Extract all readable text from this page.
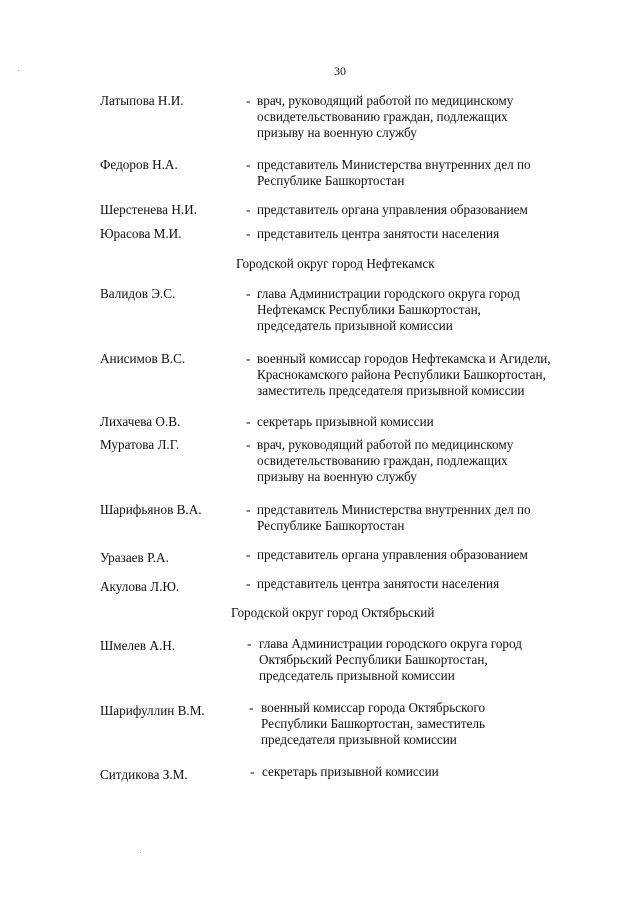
30
Латыпова Н.И.	- врач, руководящий работой по медицинскому
освидетельствованию граждан, подлежащих
призыву на военную службу
Федоров Н.А.	- представитель Министерства внутренних дел по
Республике Башкортостан
Шерстенева Н.И.	- представитель органа управления образованием
Юрасова М.И.	- представитель центра занятости населения
Городской округ город Нефтекамск
Валидов Э.С.	- глава Администрации городского округа город
Нефтекамск Республики Башкортостан,
председатель призывной комиссии
Анисимов В.С.	- военный комиссар городов Нефтекамска и Агидели,
Краснокамского района Республики Башкортостан,
заместитель председателя призывной комиссии
Лихачева О.В.	- секретарь призывной комиссии
Муратова Л.Г.	- врач, руководящий работой по медицинскому
освидетельствованию граждан, подлежащих
призыву на военную службу
Шарифьянов В.А.	- представитель Министерства внутренних дел по
Республике Башкортостан
Уразаев Р.А.	- представитель органа управления образованием
Акулова Л.Ю.	- представитель центра занятости населения
Городской округ город Октябрьский
Шмелев А.Н.	- глава Администрации городского округа город
Октябрьский Республики Башкортостан,
председатель призывной комиссии
Шарифуллин В.М.	- военный комиссар города Октябрьского
Республики Башкортостан, заместитель
председателя призывной комиссии
Ситдикова З.М.	- секретарь призывной комиссии
